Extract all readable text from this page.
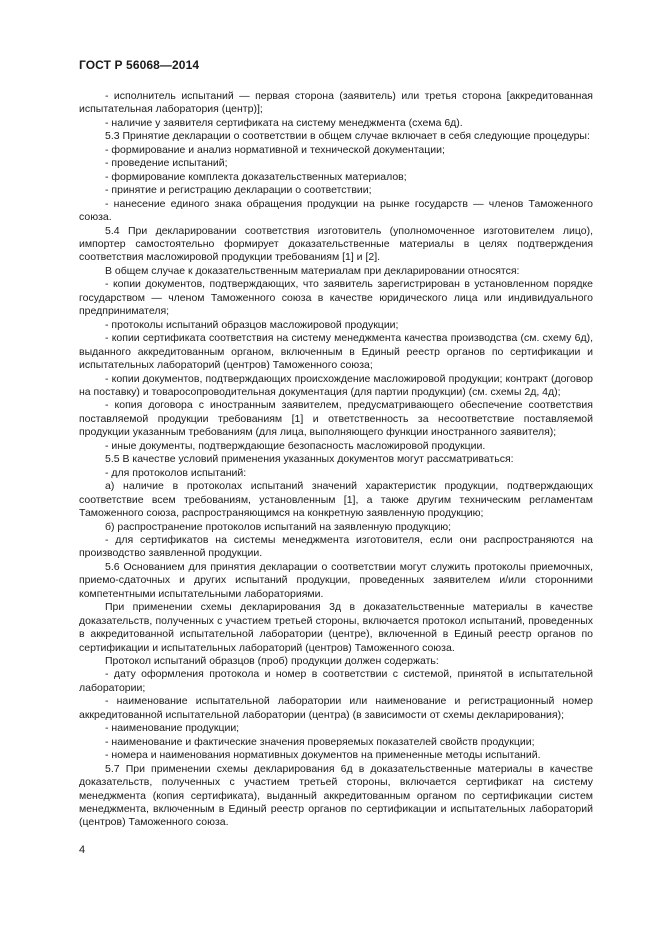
ГОСТ Р 56068—2014

- исполнитель испытаний — первая сторона (заявитель) или третья сторона [аккредитованная испытательная лаборатория (центр)];

- наличие у заявителя сертификата на систему менеджмента (схема 6д).

5.3 Принятие декларации о соответствии в общем случае включает в себя следующие процедуры:

- формирование и анализ нормативной и технической документации;

- проведение испытаний;

- формирование комплекта доказательственных материалов;

- принятие и регистрацию декларации о соответствии;

- нанесение единого знака обращения продукции на рынке государств — членов Таможенного союза.

5.4 При декларировании соответствия изготовитель (уполномоченное изготовителем лицо), импортер самостоятельно формирует доказательственные материалы в целях подтверждения соответствия масложировой продукции требованиям [1] и [2].

В общем случае к доказательственным материалам при декларировании относятся:

- копии документов, подтверждающих, что заявитель зарегистрирован в установленном порядке государством — членом Таможенного союза в качестве юридического лица или индивидуального предпринимателя;

- протоколы испытаний образцов масложировой продукции;

- копии сертификата соответствия на систему менеджмента качества производства (см. схему 6д), выданного аккредитованным органом, включенным в Единый реестр органов по сертификации и испытательных лабораторий (центров) Таможенного союза;

- копии документов, подтверждающих происхождение масложировой продукции; контракт (договор на поставку) и товаросопроводительная документация (для партии продукции) (см. схемы 2д, 4д);

- копия договора с иностранным заявителем, предусматривающего обеспечение соответствия поставляемой продукции требованиям [1] и ответственность за несоответствие поставляемой продукции указанным требованиям (для лица, выполняющего функции иностранного заявителя);

- иные документы, подтверждающие безопасность масложировой продукции.

5.5 В качестве условий применения указанных документов могут рассматриваться:

- для протоколов испытаний:

а) наличие в протоколах испытаний значений характеристик продукции, подтверждающих соответствие всем требованиям, установленным [1], а также другим техническим регламентам Таможенного союза, распространяющимся на конкретную заявленную продукцию;

б) распространение протоколов испытаний на заявленную продукцию;

- для сертификатов на системы менеджмента изготовителя, если они распространяются на производство заявленной продукции.

5.6 Основанием для принятия декларации о соответствии могут служить протоколы приемочных, приемо-сдаточных и других испытаний продукции, проведенных заявителем и/или сторонними компетентными испытательными лабораториями.

При применении схемы декларирования 3д в доказательственные материалы в качестве доказательств, полученных с участием третьей стороны, включается протокол испытаний, проведенных в аккредитованной испытательной лаборатории (центре), включенной в Единый реестр органов по сертификации и испытательных лабораторий (центров) Таможенного союза.

Протокол испытаний образцов (проб) продукции должен содержать:

- дату оформления протокола и номер в соответствии с системой, принятой в испытательной лаборатории;

- наименование испытательной лаборатории или наименование и регистрационный номер аккредитованной испытательной лаборатории (центра) (в зависимости от схемы декларирования);

- наименование продукции;

- наименование и фактические значения проверяемых показателей свойств продукции;

- номера и наименования нормативных документов на примененные методы испытаний.

5.7 При применении схемы декларирования 6д в доказательственные материалы в качестве доказательств, полученных с участием третьей стороны, включается сертификат на систему менеджмента (копия сертификата), выданный аккредитованным органом по сертификации систем менеджмента, включенным в Единый реестр органов по сертификации и испытательных лабораторий (центров) Таможенного союза.

4
